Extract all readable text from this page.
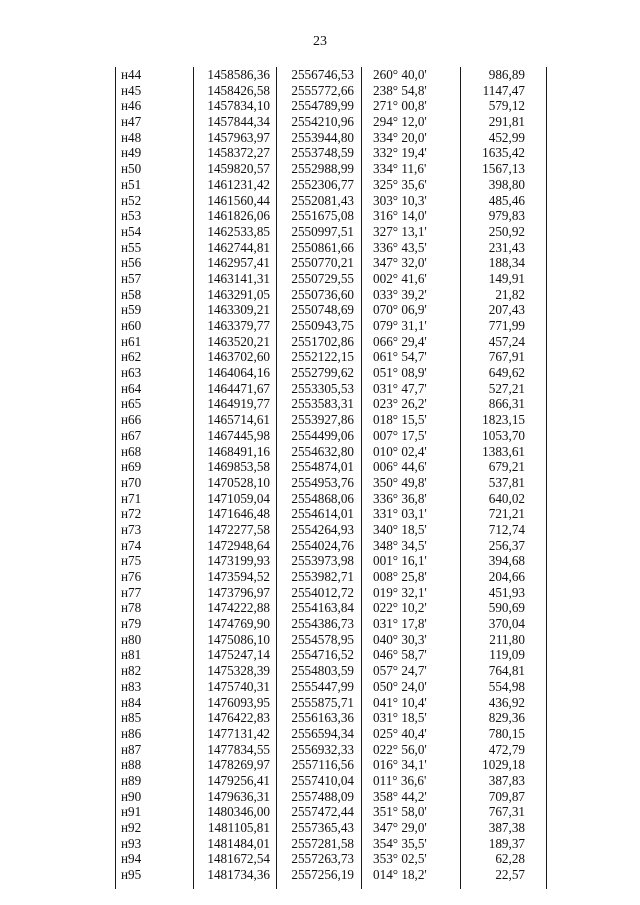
23
н44	1458586,36	2556746,53 260° 40,0'	986,89
н45	1458426,58	2555772,66 238° 54,8'	1147,47
н46	1457834,10	2554789,99 271° 00,8'	579,12
н47	1457844,34	2554210,96 294° 12,0'	291,81
н48	1457963,97	2553944,80 334° 20,0'	452,99
н49	1458372,27	2553748,59 332° 19,4'	1635,42
н50	1459820,57	2552988,99 334° 11,6'	1567,13
н51	1461231,42	2552306,77 325° 35,6'	398,80
н52	1461560,44	2552081,43 303° 10,3'	485,46
н53	1461826,06	2551675,08 316° 14,0'	979,83
н54	1462533,85	2550997,51 327° 13,1'	250,92
н55	1462744,81	2550861,66 336° 43,5'	231,43
н56	1462957,41	2550770,21 347° 32,0'	188,34
н57	1463141,31	2550729,55 002° 41,6'	149,91
н58	1463291,05	2550736,60 033° 39,2'	21,82
н59	1463309,21	2550748,69 070° 06,9'	207,43
н60	1463379,77	2550943,75 079° 31,1'	771,99
н61	1463520,21	2551702,86 066° 29,4'	457,24
н62	1463702,60	2552122,15 061° 54,7'	767,91
н63	1464064,16	2552799,62 051° 08,9'	649,62
н64	1464471,67	2553305,53 031° 47,7'	527,21
н65	1464919,77	2553583,31 023° 26,2'	866,31
н66	1465714,61	2553927,86 018° 15,5'	1823,15
н67	1467445,98	2554499,06 007° 17,5'	1053,70
н68	1468491,16	2554632,80 010° 02,4'	1383,61
н69	1469853,58	2554874,01 006° 44,6'	679,21
н70	1470528,10	2554953,76 350° 49,8'	537,81
н71	1471059,04	2554868,06 336° 36,8'	640,02
н72	1471646,48	2554614,01 331° 03,1'	721,21
н73	1472277,58	2554264,93 340° 18,5'	712,74
н74	1472948,64	2554024,76 348° 34,5'	256,37
н75	1473199,93	2553973,98 001° 16,1'	394,68
н76	1473594,52	2553982,71 008° 25,8'	204,66
н77	1473796,97	2554012,72 019° 32,1'	451,93
н78	1474222,88	2554163,84 022° 10,2'	590,69
н79	1474769,90	2554386,73 031° 17,8'	370,04
н80	1475086,10	2554578,95 040° 30,3'	211,80
н81	1475247,14	2554716,52 046° 58,7'	119,09
н82	1475328,39	2554803,59 057° 24,7'	764,81
н83	1475740,31	2555447,99 050° 24,0'	554,98
н84	1476093,95	2555875,71 041° 10,4'	436,92
н85	1476422,83	2556163,36 031° 18,5'	829,36
н86	1477131,42	2556594,34 025° 40,4'	780,15
н87	1477834,55	2556932,33 022° 56,0'	472,79
н88	1478269,97	2557116,56 016° 34,1'	1029,18
н89	1479256,41	2557410,04 011° 36,6'	387,83
н90	1479636,31	2557488,09 358° 44,2'	709,87
н91	1480346,00	2557472,44 351° 58,0'	767,31
н92	1481105,81	2557365,43 347° 29,0'	387,38
н93	1481484,01	2557281,58 354° 35,5'	189,37
н94	1481672,54	2557263,73 353° 02,5'	62,28
н95	1481734,36	2557256,19 014° 18,2'	22,57
